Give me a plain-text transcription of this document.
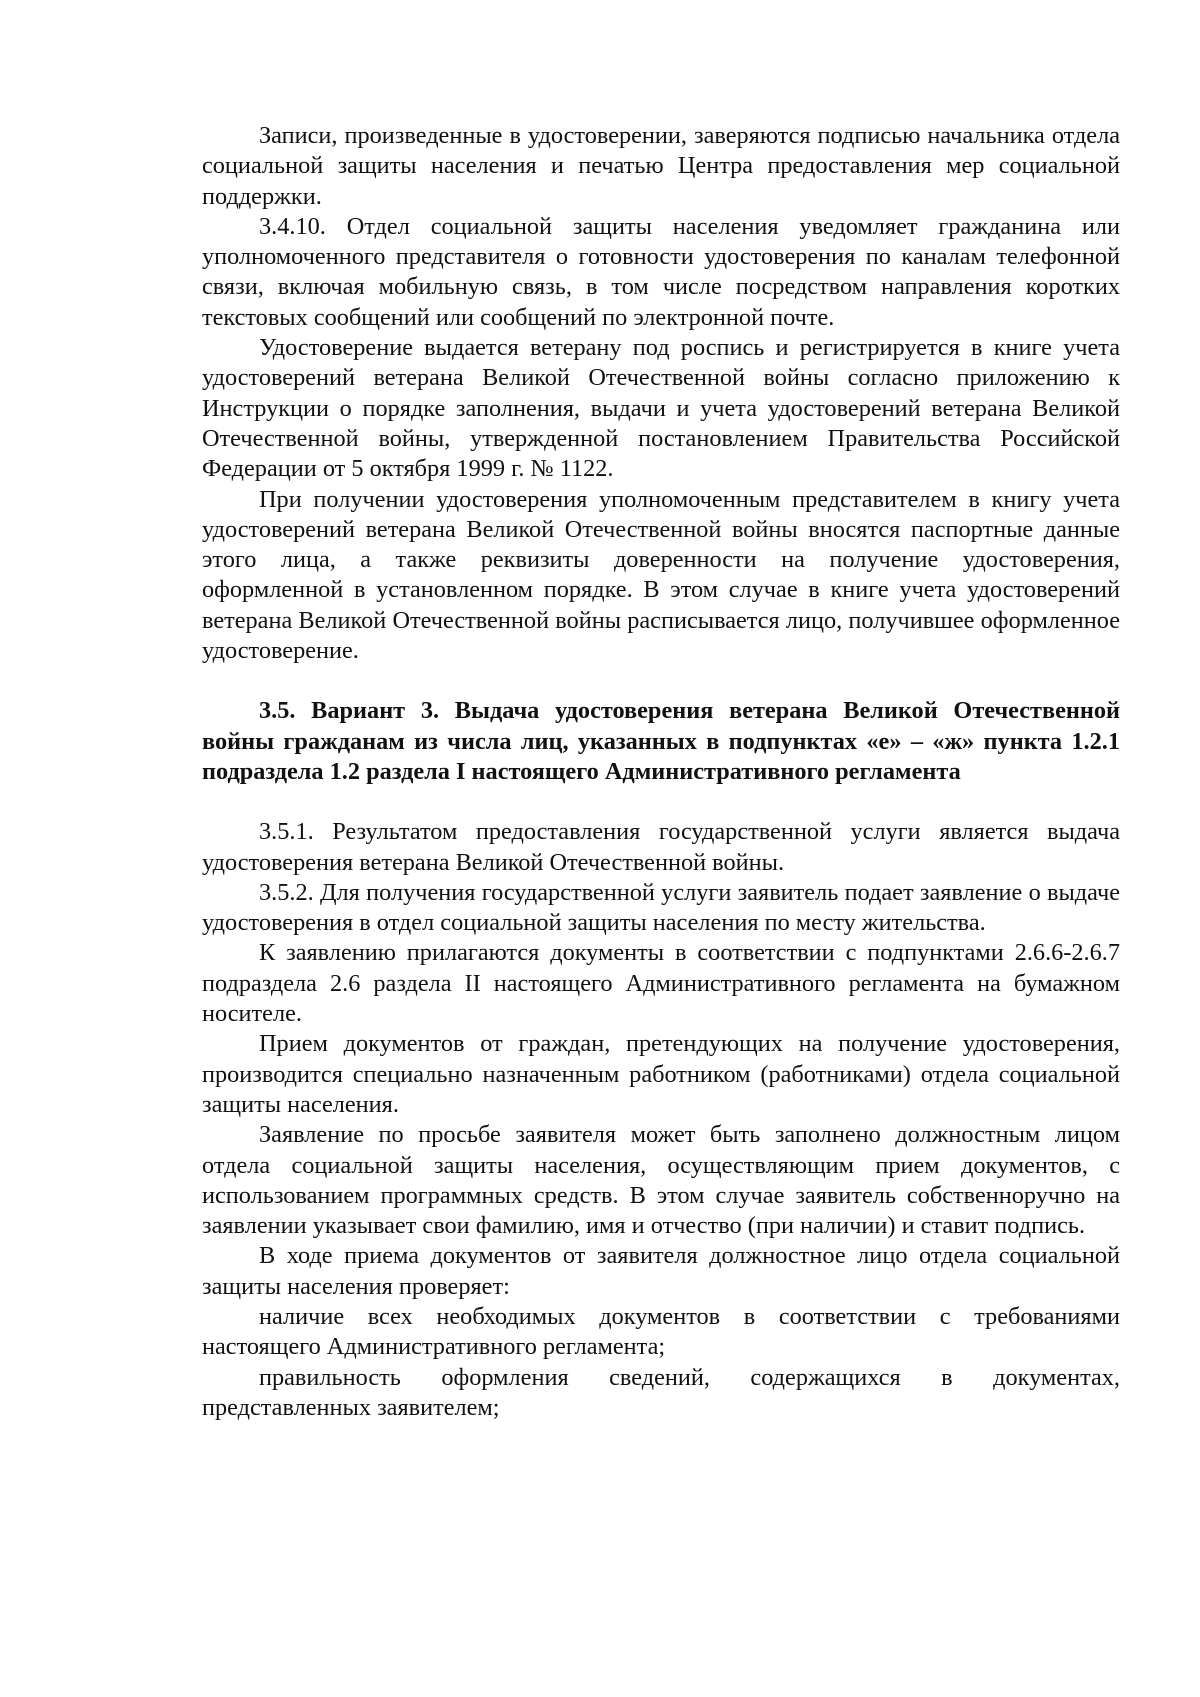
Записи, произведенные в удостоверении, заверяются подписью начальника отдела социальной защиты населения и печатью Центра предоставления мер социальной поддержки.

3.4.10. Отдел социальной защиты населения уведомляет гражданина или уполномоченного представителя о готовности удостоверения по каналам телефонной связи, включая мобильную связь, в том числе посредством направления коротких текстовых сообщений или сообщений по электронной почте.

Удостоверение выдается ветерану под роспись и регистрируется в книге учета удостоверений ветерана Великой Отечественной войны согласно приложению к Инструкции о порядке заполнения, выдачи и учета удостоверений ветерана Великой Отечественной войны, утвержденной постановлением Правительства Российской Федерации от 5 октября 1999 г. № 1122.

При получении удостоверения уполномоченным представителем в книгу учета удостоверений ветерана Великой Отечественной войны вносятся паспортные данные этого лица, а также реквизиты доверенности на получение удостоверения, оформленной в установленном порядке. В этом случае в книге учета удостоверений ветерана Великой Отечественной войны расписывается лицо, получившее оформленное удостоверение.

3.5. Вариант 3. Выдача удостоверения ветерана Великой Отечественной войны гражданам из числа лиц, указанных в подпунктах «е» – «ж» пункта 1.2.1 подраздела 1.2 раздела I настоящего Административного регламента

3.5.1. Результатом предоставления государственной услуги является выдача удостоверения ветерана Великой Отечественной войны.

3.5.2. Для получения государственной услуги заявитель подает заявление о выдаче удостоверения в отдел социальной защиты населения по месту жительства.

К заявлению прилагаются документы в соответствии с подпунктами 2.6.6-2.6.7 подраздела 2.6 раздела II настоящего Административного регламента на бумажном носителе.

Прием документов от граждан, претендующих на получение удостоверения, производится специально назначенным работником (работниками) отдела социальной защиты населения.

Заявление по просьбе заявителя может быть заполнено должностным лицом отдела социальной защиты населения, осуществляющим прием документов, с использованием программных средств. В этом случае заявитель собственноручно на заявлении указывает свои фамилию, имя и отчество (при наличии) и ставит подпись.

В ходе приема документов от заявителя должностное лицо отдела социальной защиты населения проверяет:

наличие всех необходимых документов в соответствии с требованиями настоящего Административного регламента;

правильность оформления сведений, содержащихся в документах, представленных заявителем;
